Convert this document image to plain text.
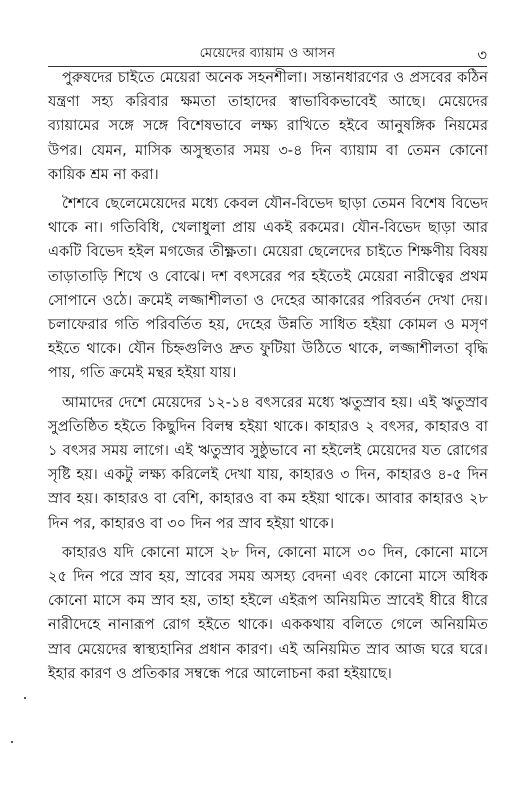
মেয়েদের ব্যায়াম ও আসন	৩

পুরুষদের চাইতে মেয়েরা অনেক সহনশীলা। সন্তানধারণের ও প্রসবের কঠিন যন্ত্রণা সহ্য করিবার ক্ষমতা তাহাদের স্বাভাবিকভাবেই আছে। মেয়েদের ব্যায়ামের সঙ্গে সঙ্গে বিশেষভাবে লক্ষ্য রাখিতে হইবে আনুষঙ্গিক নিয়মের উপর। যেমন, মাসিক অসুস্থতার সময় ৩-৪ দিন ব্যায়াম বা তেমন কোনো কায়িক শ্রম না করা।

শৈশবে ছেলেমেয়েদের মধ্যে কেবল যৌন-বিভেদ ছাড়া তেমন বিশেষ বিভেদ থাকে না। গতিবিধি, খেলাধুলা প্রায় একই রকমের। যৌন-বিভেদ ছাড়া আর একটি বিভেদ হইল মগজের তীক্ষ্ণতা। মেয়েরা ছেলেদের চাইতে শিক্ষণীয় বিষয় তাড়াতাড়ি শিখে ও বোঝে। দশ বৎসরের পর হইতেই মেয়েরা নারীত্বের প্রথম সোপানে ওঠে। ক্রমেই লজ্জাশীলতা ও দেহের আকারের পরিবর্তন দেখা দেয়। চলাফেরার গতি পরিবর্তিত হয়, দেহের উন্নতি সাধিত হইয়া কোমল ও মসৃণ হইতে থাকে। যৌন চিহ্নগুলিও দ্রুত ফুটিয়া উঠিতে থাকে, লজ্জাশীলতা বৃদ্ধি পায়, গতি ক্রমেই মন্থর হইয়া যায়।

আমাদের দেশে মেয়েদের ১২-১৪ বৎসরের মধ্যে ঋতুস্রাব হয়। এই ঋতুস্রাব সুপ্রতিষ্ঠিত হইতে কিছুদিন বিলম্ব হইয়া থাকে। কাহারও ২ বৎসর, কাহারও বা ১ বৎসর সময় লাগে। এই ঋতুস্রাব সুষ্ঠুভাবে না হইলেই মেয়েদের যত রোগের সৃষ্টি হয়। একটু লক্ষ্য করিলেই দেখা যায়, কাহারও ৩ দিন, কাহারও ৪-৫ দিন স্রাব হয়। কাহারও বা বেশি, কাহারও বা কম হইয়া থাকে। আবার কাহারও ২৮ দিন পর, কাহারও বা ৩০ দিন পর স্রাব হইয়া থাকে।

কাহারও যদি কোনো মাসে ২৮ দিন, কোনো মাসে ৩০ দিন, কোনো মাসে ২৫ দিন পরে স্রাব হয়, স্রাবের সময় অসহ্য বেদনা এবং কোনো মাসে অধিক কোনো মাসে কম স্রাব হয়, তাহা হইলে এইরূপ অনিয়মিত স্রাবেই ধীরে ধীরে নারীদেহে নানারূপ রোগ হইতে থাকে। এককথায় বলিতে গেলে অনিয়মিত স্রাব মেয়েদের স্বাস্থ্যহানির প্রধান কারণ। এই অনিয়মিত স্রাব আজ ঘরে ঘরে। ইহার কারণ ও প্রতিকার সম্বন্ধে পরে আলোচনা করা হইয়াছে।
